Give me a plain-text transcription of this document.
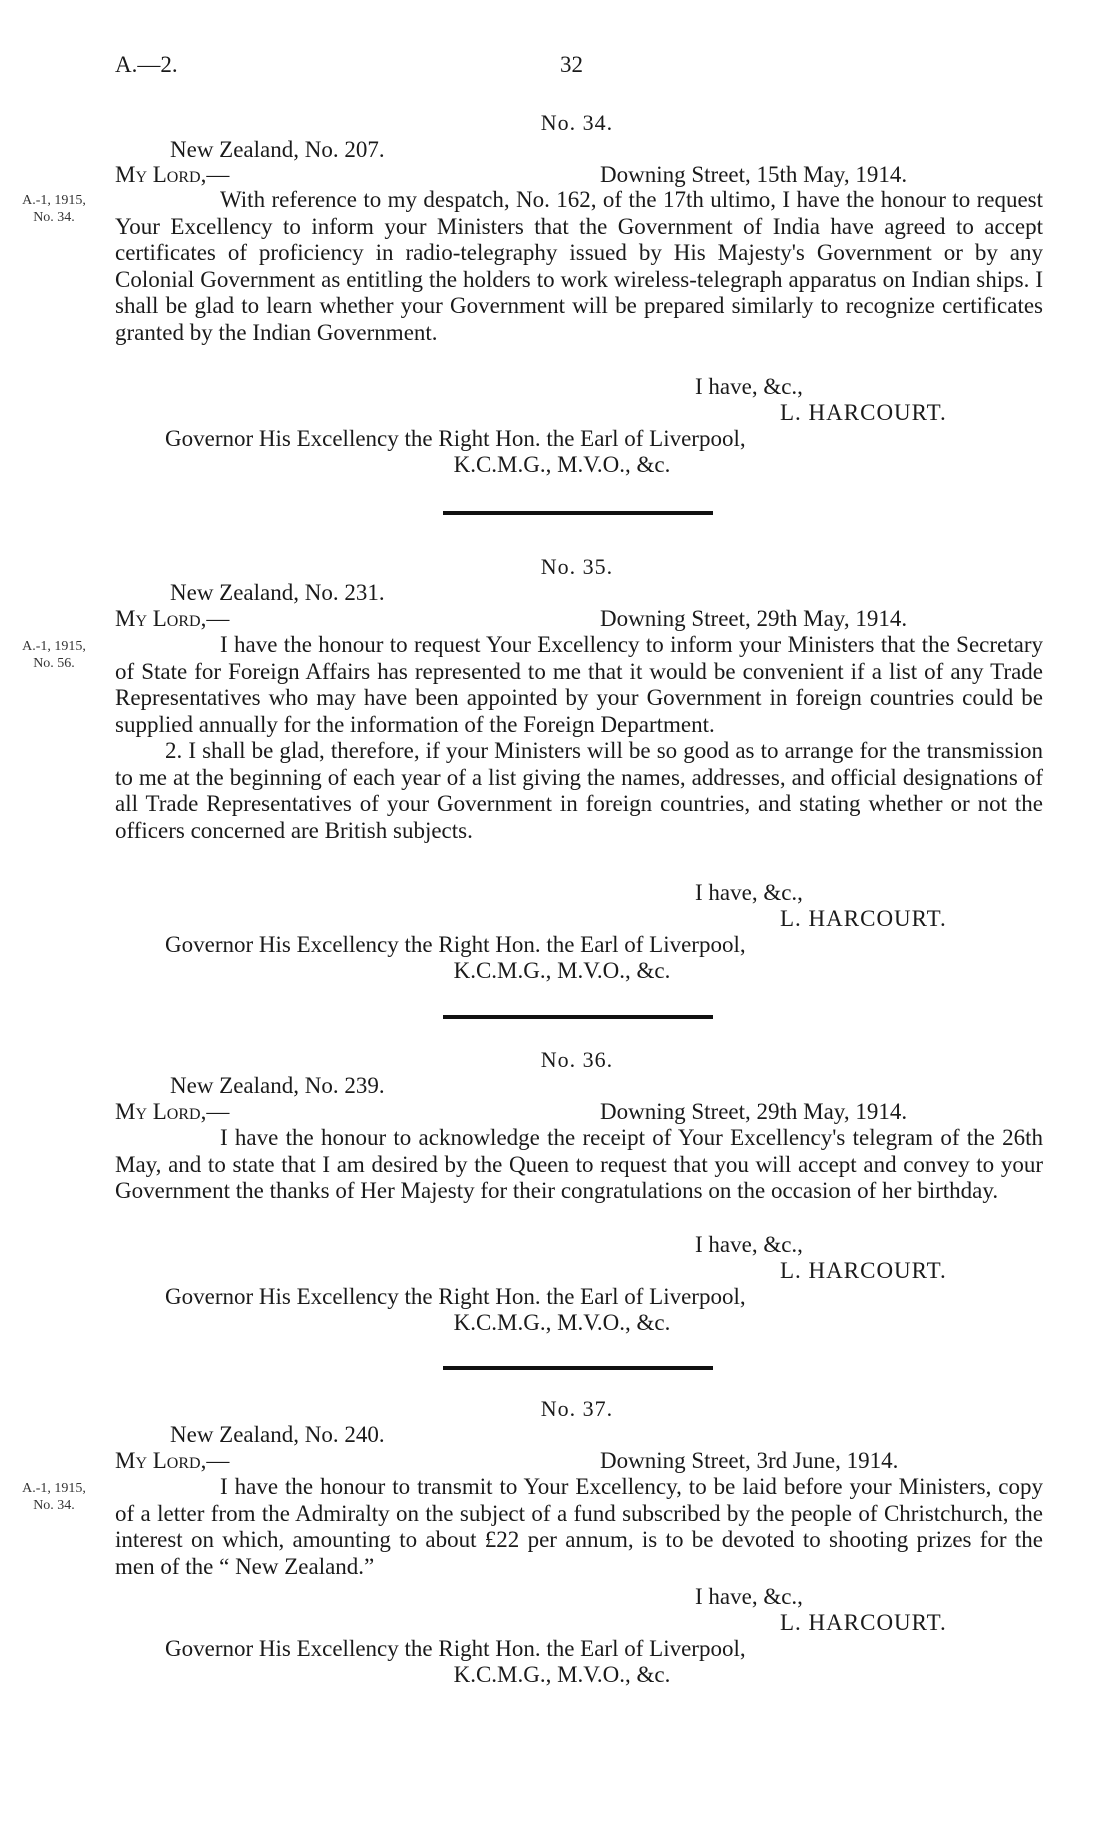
A.—2.	32
No. 34.
New Zealand, No. 207.
My Lord,—	Downing Street, 15th May, 1914.
A.-1, 1915,
No. 34.

With reference to my despatch, No. 162, of the 17th ultimo, I have the honour to request Your Excellency to inform your Ministers that the Government of India have agreed to accept certificates of proficiency in radio-telegraphy issued by His Majesty's Government or by any Colonial Government as entitling the holders to work wireless-telegraph apparatus on Indian ships. I shall be glad to learn whether your Government will be prepared similarly to recognize certificates granted by the Indian Government.

I have, &c.,
L. HARCOURT.
Governor His Excellency the Right Hon. the Earl of Liverpool,
K.C.M.G., M.V.O., &c.
No. 35.
New Zealand, No. 231.
My Lord,—	Downing Street, 29th May, 1914.
A.-1, 1915,
No. 56.

I have the honour to request Your Excellency to inform your Ministers that the Secretary of State for Foreign Affairs has represented to me that it would be convenient if a list of any Trade Representatives who may have been appointed by your Government in foreign countries could be supplied annually for the information of the Foreign Department.

2. I shall be glad, therefore, if your Ministers will be so good as to arrange for the transmission to me at the beginning of each year of a list giving the names, addresses, and official designations of all Trade Representatives of your Government in foreign countries, and stating whether or not the officers concerned are British subjects.

I have, &c.,
L. HARCOURT.
Governor His Excellency the Right Hon. the Earl of Liverpool,
K.C.M.G., M.V.O., &c.
No. 36.
New Zealand, No. 239.
My Lord,—	Downing Street, 29th May, 1914.

I have the honour to acknowledge the receipt of Your Excellency's telegram of the 26th May, and to state that I am desired by the Queen to request that you will accept and convey to your Government the thanks of Her Majesty for their congratulations on the occasion of her birthday.

I have, &c.,
L. HARCOURT.
Governor His Excellency the Right Hon. the Earl of Liverpool,
K.C.M.G., M.V.O., &c.
No. 37.
New Zealand, No. 240.
My Lord,—	Downing Street, 3rd June, 1914.
A.-1, 1915,
No. 34.

I have the honour to transmit to Your Excellency, to be laid before your Ministers, copy of a letter from the Admiralty on the subject of a fund subscribed by the people of Christchurch, the interest on which, amounting to about £22 per annum, is to be devoted to shooting prizes for the men of the “ New Zealand.”

I have, &c.,
L. HARCOURT.
Governor His Excellency the Right Hon. the Earl of Liverpool,
K.C.M.G., M.V.O., &c.
